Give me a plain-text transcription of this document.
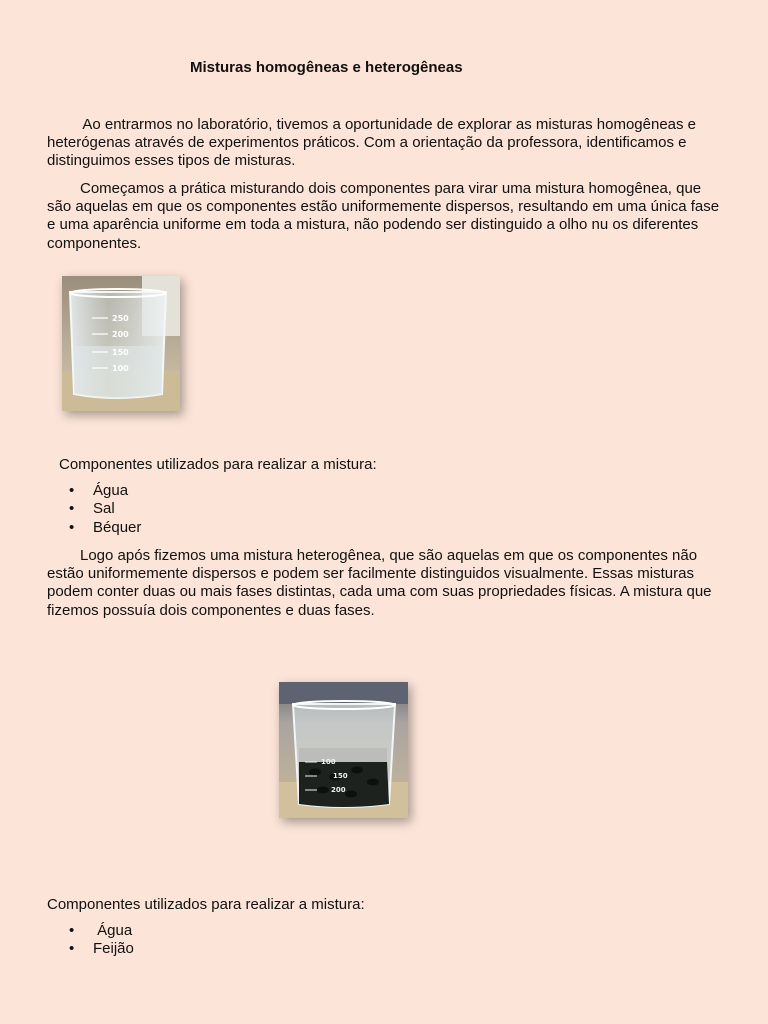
Misturas homogêneas e heterogêneas

Ao entrarmos no laboratório, tivemos a oportunidade de explorar as misturas homogêneas e heterógenas através de experimentos práticos. Com a orientação da professora, identificamos e distinguimos esses tipos de misturas.

Começamos a prática misturando dois componentes para virar uma mistura homogênea, que são aquelas em que os componentes estão uniformemente dispersos, resultando em uma única fase e uma aparência uniforme em toda a mistura, não podendo ser distinguido a olho nu os diferentes componentes.

250
200
150
100

Componentes utilizados para realizar a mistura:

• Água
• Sal
• Béquer

Logo após fizemos uma mistura heterogênea, que são aquelas em que os componentes não estão uniformemente dispersos e podem ser facilmente distinguidos visualmente. Essas misturas podem conter duas ou mais fases distintas, cada uma com suas propriedades físicas. A mistura que fizemos possuía dois componentes e duas fases.

100
150
200

Componentes utilizados para realizar a mistura:

• Água
• Feijão
